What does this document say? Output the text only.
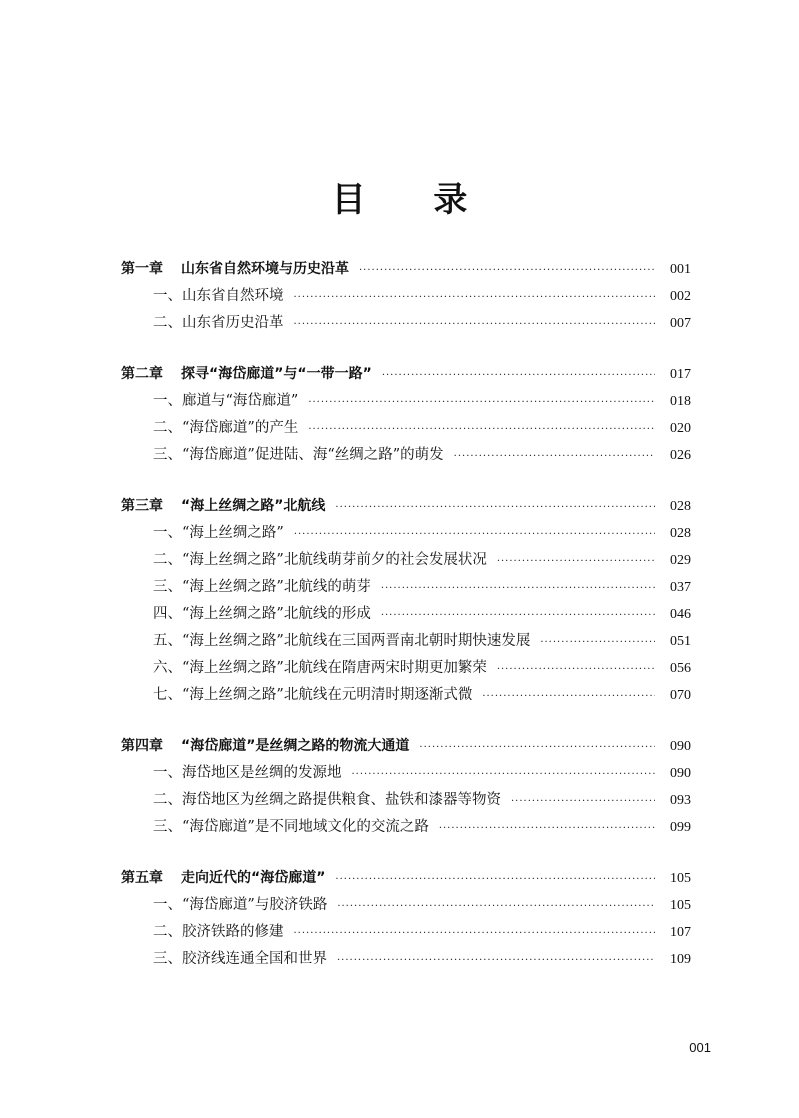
目 录
第一章 山东省自然环境与历史沿革 ·····	001
一、山东省自然环境 ·····	002
二、山东省历史沿革 ·····	007
第二章 探寻“海岱廊道”与“一带一路” ·····	017
一、廊道与“海岱廊道” ·····	018
二、“海岱廊道”的产生 ·····	020
三、“海岱廊道”促进陆、海“丝绸之路”的萌发 ·····	026
第三章 “海上丝绸之路”北航线 ·····	028
一、“海上丝绸之路” ·····	028
二、“海上丝绸之路”北航线萌芽前夕的社会发展状况 ·····	029
三、“海上丝绸之路”北航线的萌芽 ·····	037
四、“海上丝绸之路”北航线的形成 ·····	046
五、“海上丝绸之路”北航线在三国两晋南北朝时期快速发展 ·····	051
六、“海上丝绸之路”北航线在隋唐两宋时期更加繁荣 ·····	056
七、“海上丝绸之路”北航线在元明清时期逐渐式微 ·····	070
第四章 “海岱廊道”是丝绸之路的物流大通道 ·····	090
一、海岱地区是丝绸的发源地 ·····	090
二、海岱地区为丝绸之路提供粮食、盐铁和漆器等物资 ·····	093
三、“海岱廊道”是不同地域文化的交流之路 ·····	099
第五章 走向近代的“海岱廊道” ·····	105
一、“海岱廊道”与胶济铁路 ·····	105
二、胶济铁路的修建 ·····	107
三、胶济线连通全国和世界 ·····	109
001
